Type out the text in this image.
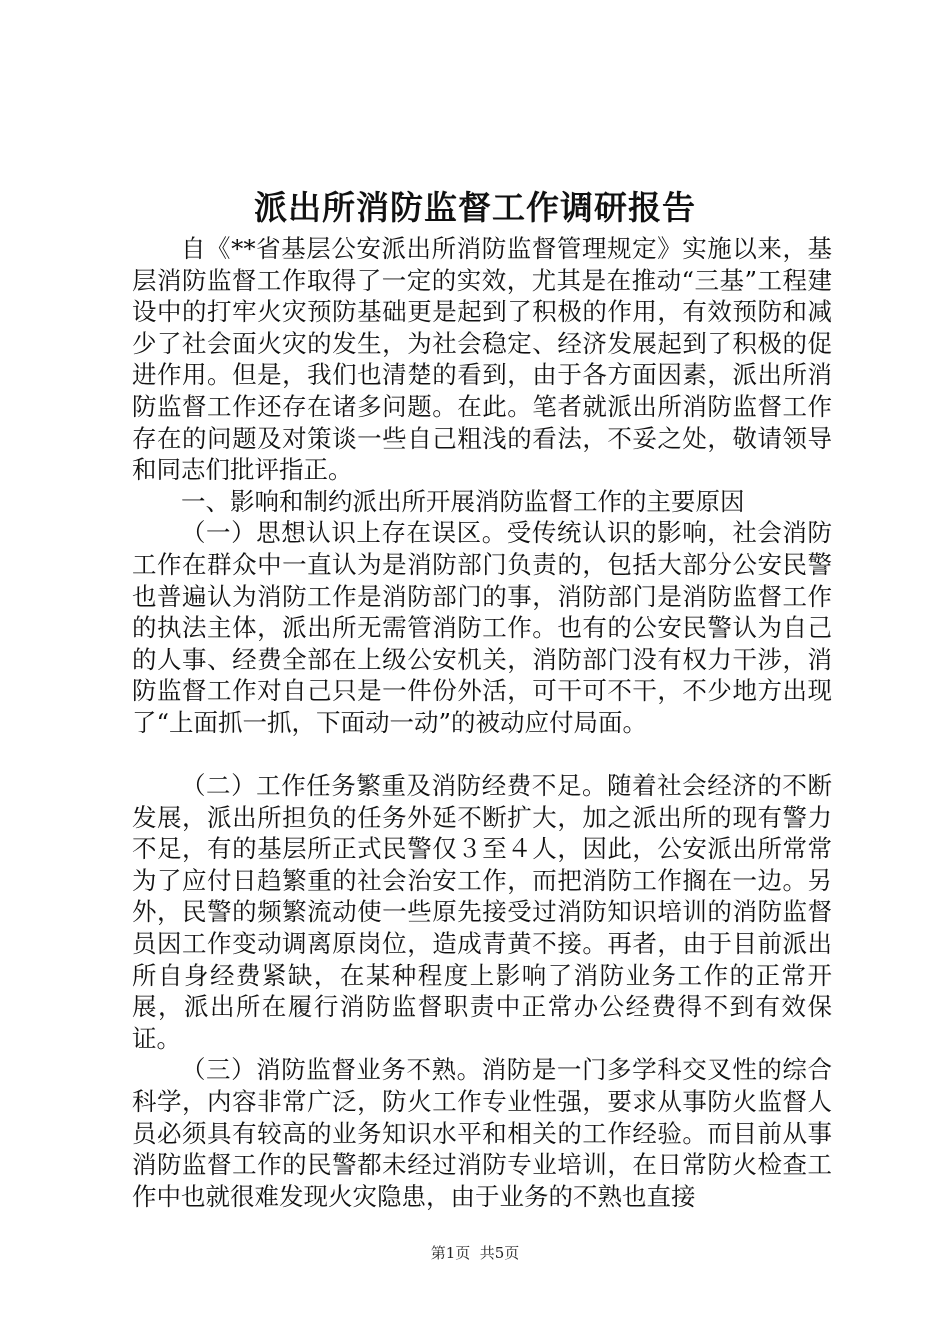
派出所消防监督工作调研报告

自《**省基层公安派出所消防监督管理规定》实施以来，基层消防监督工作取得了一定的实效，尤其是在推动“三基”工程建设中的打牢火灾预防基础更是起到了积极的作用，有效预防和减少了社会面火灾的发生，为社会稳定、经济发展起到了积极的促进作用。但是，我们也清楚的看到，由于各方面因素，派出所消防监督工作还存在诸多问题。在此。笔者就派出所消防监督工作存在的问题及对策谈一些自己粗浅的看法，不妥之处，敬请领导和同志们批评指正。

一、影响和制约派出所开展消防监督工作的主要原因

（一）思想认识上存在误区。受传统认识的影响，社会消防工作在群众中一直认为是消防部门负责的，包括大部分公安民警也普遍认为消防工作是消防部门的事，消防部门是消防监督工作的执法主体，派出所无需管消防工作。也有的公安民警认为自己的人事、经费全部在上级公安机关，消防部门没有权力干涉，消防监督工作对自己只是一件份外活，可干可不干，不少地方出现了“上面抓一抓，下面动一动”的被动应付局面。

（二）工作任务繁重及消防经费不足。随着社会经济的不断发展，派出所担负的任务外延不断扩大，加之派出所的现有警力不足，有的基层所正式民警仅３至４人，因此，公安派出所常常为了应付日趋繁重的社会治安工作，而把消防工作搁在一边。另外，民警的频繁流动使一些原先接受过消防知识培训的消防监督员因工作变动调离原岗位，造成青黄不接。再者，由于目前派出所自身经费紧缺，在某种程度上影响了消防业务工作的正常开展，派出所在履行消防监督职责中正常办公经费得不到有效保证。

（三）消防监督业务不熟。消防是一门多学科交叉性的综合科学，内容非常广泛，防火工作专业性强，要求从事防火监督人员必须具有较高的业务知识水平和相关的工作经验。而目前从事消防监督工作的民警都未经过消防专业培训，在日常防火检查工作中也就很难发现火灾隐患，由于业务的不熟也直接

第1页  共5页
